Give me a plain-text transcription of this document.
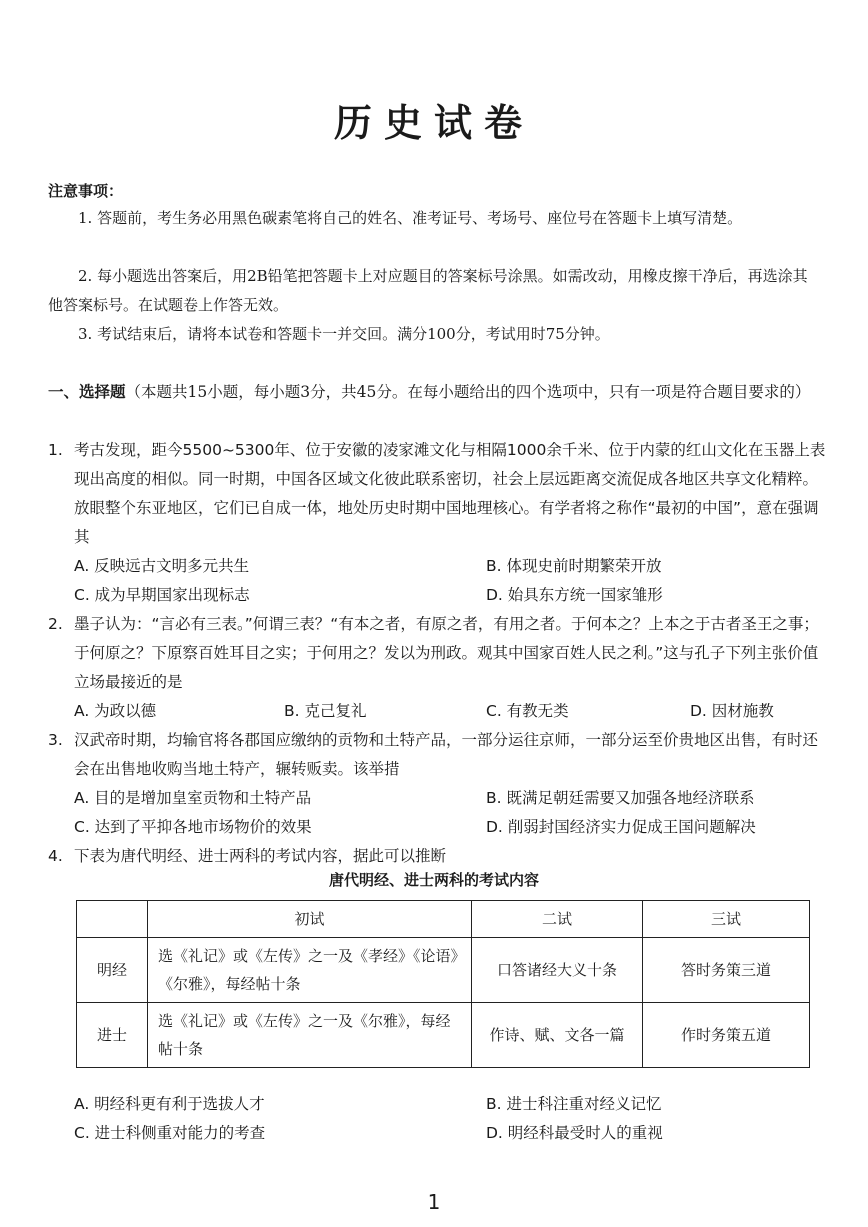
历史试卷
注意事项：
1. 答题前，考生务必用黑色碳素笔将自己的姓名、准考证号、考场号、座位号在答题卡上填写清楚。
2. 每小题选出答案后，用2B铅笔把答题卡上对应题目的答案标号涂黑。如需改动，用橡皮擦干净后，再选涂其他答案标号。在试题卷上作答无效。
3. 考试结束后，请将本试卷和答题卡一并交回。满分100分，考试用时75分钟。
一、选择题（本题共15小题，每小题3分，共45分。在每小题给出的四个选项中，只有一项是符合题目要求的）
1. 考古发现，距今5500~5300年、位于安徽的凌家滩文化与相隔1000余千米、位于内蒙的红山文化在玉器上表现出高度的相似。同一时期，中国各区域文化彼此联系密切，社会上层远距离交流促成各地区共享文化精粹。放眼整个东亚地区，它们已自成一体，地处历史时期中国地理核心。有学者将之称作“最初的中国”，意在强调其
A. 反映远古文明多元共生	B. 体现史前时期繁荣开放
C. 成为早期国家出现标志	D. 始具东方统一国家雏形
2. 墨子认为：“言必有三表。”何谓三表？“有本之者，有原之者，有用之者。于何本之？上本之于古者圣王之事；于何原之？下原察百姓耳目之实；于何用之？发以为刑政。观其中国家百姓人民之利。”这与孔子下列主张价值立场最接近的是
A. 为政以德	B. 克己复礼	C. 有教无类	D. 因材施教
3. 汉武帝时期，均输官将各郡国应缴纳的贡物和土特产品，一部分运往京师，一部分运至价贵地区出售，有时还会在出售地收购当地土特产，辗转贩卖。该举措
A. 目的是增加皇室贡物和土特产品	B. 既满足朝廷需要又加强各地经济联系
C. 达到了平抑各地市场物价的效果	D. 削弱封国经济实力促成王国问题解决
4. 下表为唐代明经、进士两科的考试内容，据此可以推断
唐代明经、进士两科的考试内容
	初试	二试	三试
明经	选《礼记》或《左传》之一及《孝经》《论语》《尔雅》，每经帖十条	口答诸经大义十条	答时务策三道
进士	选《礼记》或《左传》之一及《尔雅》，每经帖十条	作诗、赋、文各一篇	作时务策五道
A. 明经科更有利于选拔人才	B. 进士科注重对经义记忆
C. 进士科侧重对能力的考查	D. 明经科最受时人的重视
1
